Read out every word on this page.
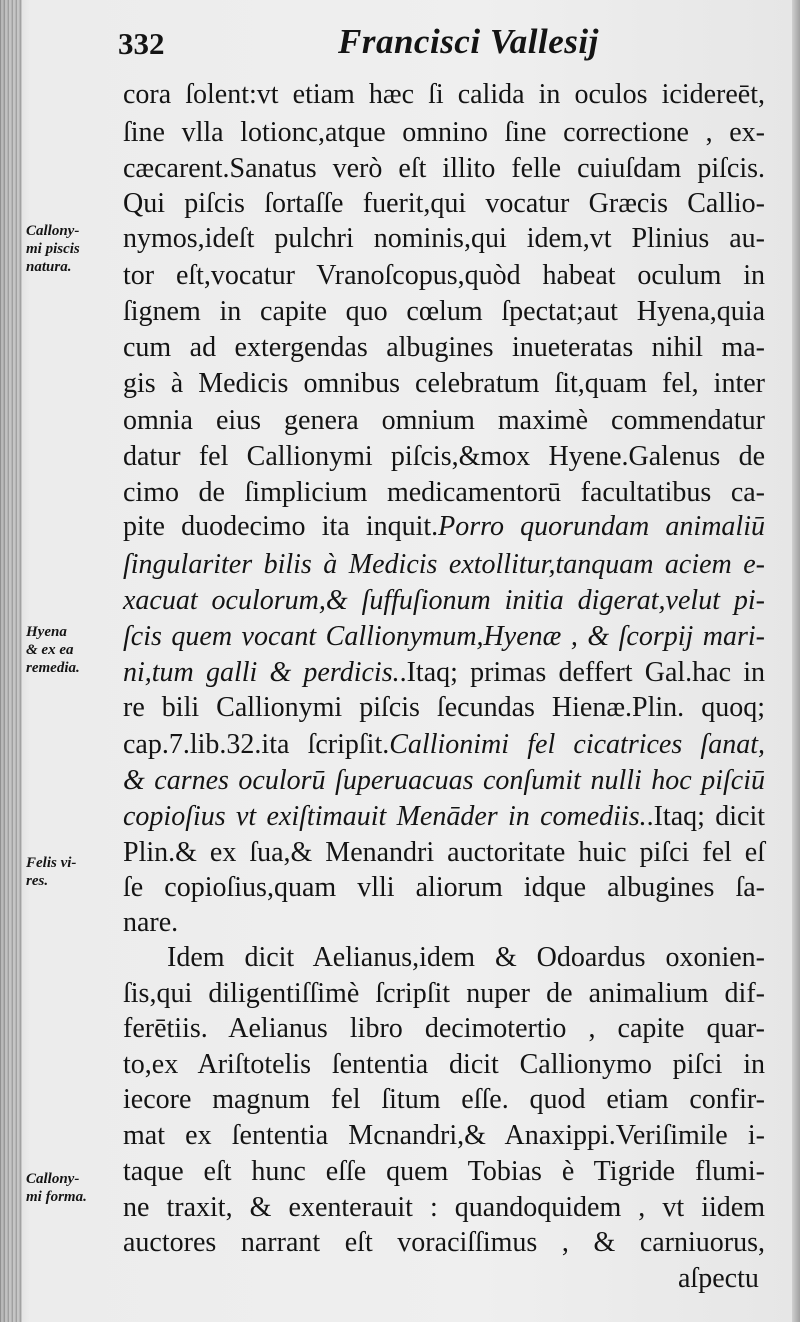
332	Francisci Vallesij
Callony-
mi piscis
natura.
Hyena
& ex ea
remedia.
Felis vi-
res.
Callony-
mi forma.
cora ſolent:vt etiam hæc ſi calida in oculos icidereēt,
ſine vlla lotionc,atque omnino ſine correctione , ex-
cæcarent.Sanatus verò eſt illito felle cuiuſdam piſcis.
Qui piſcis ſortaſſe fuerit,qui vocatur Græcis Callio-
nymos,ideſt pulchri nominis,qui idem,vt Plinius au-
tor eſt,vocatur Vranoſcopus,quòd habeat oculum in
ſignem in capite quo cœlum ſpectat;aut Hyena,quia
cum ad extergendas albugines inueteratas nihil ma-
gis à Medicis omnibus celebratum ſit,quam fel, inter
omnia eius genera omnium maximè commendatur
datur fel Callionymi piſcis,&mox Hyene.Galenus de
cimo de ſimplicium medicamentorū facultatibus ca-
pite duodecimo ita inquit.Porro quorundam animaliū
ſingulariter bilis à Medicis extollitur,tanquam aciem e-
xacuat oculorum,& ſuffuſionum initia digerat,velut pi-
ſcis quem vocant Callionymum,Hyenæ , & ſcorpij mari-
ni,tum galli & perdicis..Itaq; primas deffert Gal.hac in
re bili Callionymi piſcis ſecundas Hienæ.Plin. quoq;
cap.7.lib.32.ita ſcripſit.Callionimi fel cicatrices ſanat,
& carnes oculorū ſuperuacuas conſumit nulli hoc piſciū
copioſius vt exiſtimauit Menāder in comediis..Itaq; dicit
Plin.& ex ſua,& Menandri auctoritate huic piſci fel eſ
ſe copioſius,quam vlli aliorum idque albugines ſa-
nare.
Idem dicit Aelianus,idem & Odoardus oxonien-
ſis,qui diligentiſſimè ſcripſit nuper de animalium dif-
ferētiis. Aelianus libro decimotertio , capite quar-
to,ex Ariſtotelis ſententia dicit Callionymo piſci in
iecore magnum fel ſitum eſſe. quod etiam confir-
mat ex ſententia Mcnandri,& Anaxippi.Veriſimile i-
taque eſt hunc eſſe quem Tobias è Tigride flumi-
ne traxit, & exenterauit : quandoquidem , vt iidem
auctores narrant eſt voraciſſimus , & carniuorus,
aſpectu
